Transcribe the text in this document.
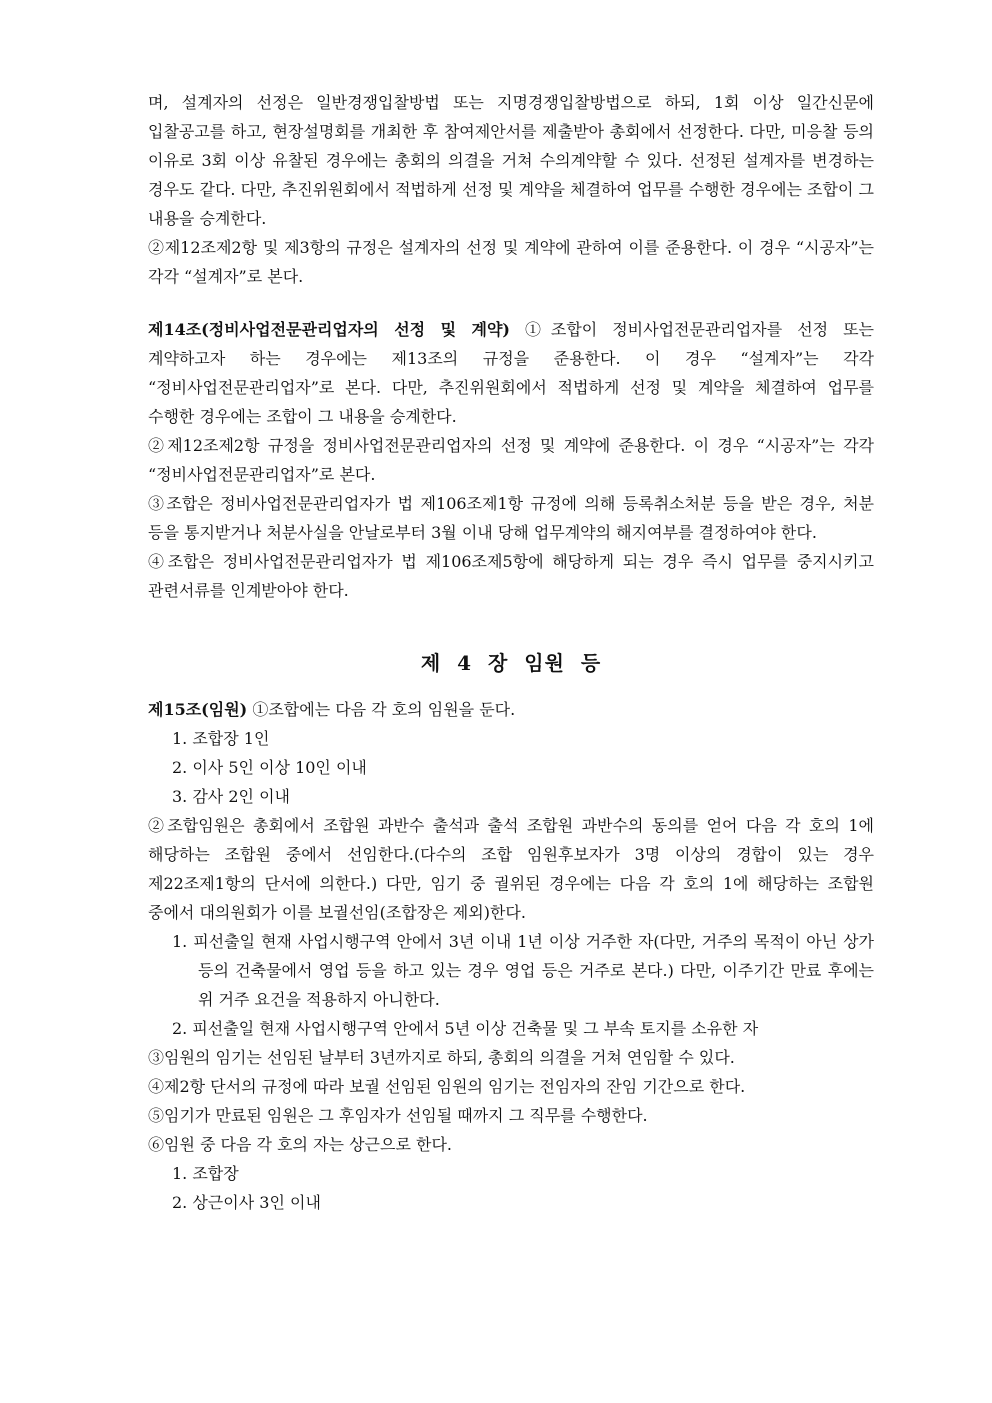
며, 설계자의 선정은 일반경쟁입찰방법 또는 지명경쟁입찰방법으로 하되, 1회 이상 일간신문에 입찰공고를 하고, 현장설명회를 개최한 후 참여제안서를 제출받아 총회에서 선정한다. 다만, 미응찰 등의 이유로 3회 이상 유찰된 경우에는 총회의 의결을 거쳐 수의계약할 수 있다. 선정된 설계자를 변경하는 경우도 같다. 다만, 추진위원회에서 적법하게 선정 및 계약을 체결하여 업무를 수행한 경우에는 조합이 그 내용을 승계한다.

②제12조제2항 및 제3항의 규정은 설계자의 선정 및 계약에 관하여 이를 준용한다. 이 경우 “시공자”는 각각 “설계자”로 본다.

제14조(정비사업전문관리업자의 선정 및 계약) ①조합이 정비사업전문관리업자를 선정 또는 계약하고자 하는 경우에는 제13조의 규정을 준용한다. 이 경우 “설계자”는 각각 “정비사업전문관리업자”로 본다. 다만, 추진위원회에서 적법하게 선정 및 계약을 체결하여 업무를 수행한 경우에는 조합이 그 내용을 승계한다.

②제12조제2항 규정을 정비사업전문관리업자의 선정 및 계약에 준용한다. 이 경우 “시공자”는 각각 “정비사업전문관리업자”로 본다.

③조합은 정비사업전문관리업자가 법 제106조제1항 규정에 의해 등록취소처분 등을 받은 경우, 처분 등을 통지받거나 처분사실을 안날로부터 3월 이내 당해 업무계약의 해지여부를 결정하여야 한다.

④조합은 정비사업전문관리업자가 법 제106조제5항에 해당하게 되는 경우 즉시 업무를 중지시키고 관련서류를 인계받아야 한다.

제 4 장 임원 등

제15조(임원) ①조합에는 다음 각 호의 임원을 둔다.

1. 조합장 1인

2. 이사 5인 이상 10인 이내

3. 감사 2인 이내

②조합임원은 총회에서 조합원 과반수 출석과 출석 조합원 과반수의 동의를 얻어 다음 각 호의 1에 해당하는 조합원 중에서 선임한다.(다수의 조합 임원후보자가 3명 이상의 경합이 있는 경우 제22조제1항의 단서에 의한다.) 다만, 임기 중 궐위된 경우에는 다음 각 호의 1에 해당하는 조합원 중에서 대의원회가 이를 보궐선임(조합장은 제외)한다.

1. 피선출일 현재 사업시행구역 안에서 3년 이내 1년 이상 거주한 자(다만, 거주의 목적이 아닌 상가 등의 건축물에서 영업 등을 하고 있는 경우 영업 등은 거주로 본다.) 다만, 이주기간 만료 후에는 위 거주 요건을 적용하지 아니한다.

2. 피선출일 현재 사업시행구역 안에서 5년 이상 건축물 및 그 부속 토지를 소유한 자

③임원의 임기는 선임된 날부터 3년까지로 하되, 총회의 의결을 거쳐 연임할 수 있다.

④제2항 단서의 규정에 따라 보궐 선임된 임원의 임기는 전임자의 잔임 기간으로 한다.

⑤임기가 만료된 임원은 그 후임자가 선임될 때까지 그 직무를 수행한다.

⑥임원 중 다음 각 호의 자는 상근으로 한다.

1. 조합장

2. 상근이사 3인 이내
